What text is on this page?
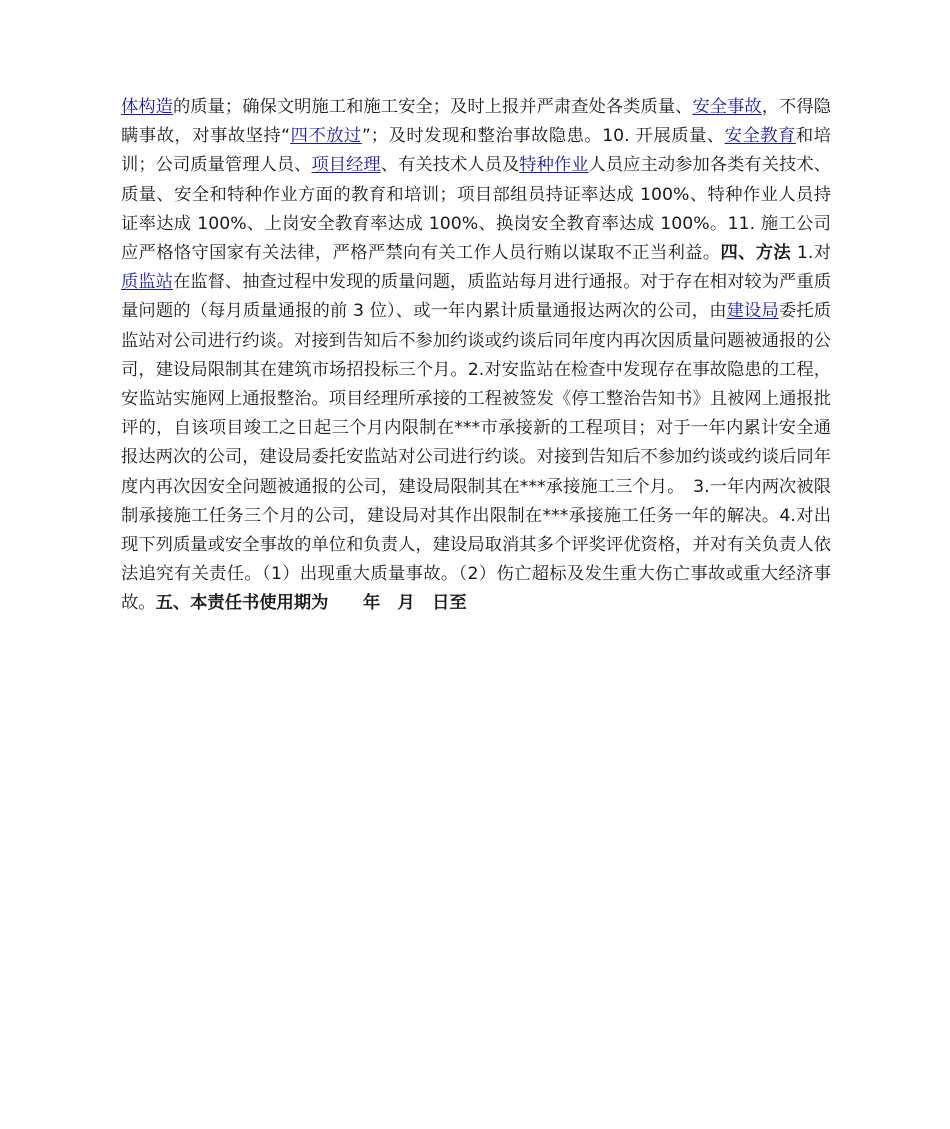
体构造的质量；确保文明施工和施工安全；及时上报并严肃查处各类质量、安全事故，不得隐瞒事故，对事故坚持“四不放过”；及时发现和整治事故隐患。10. 开展质量、安全教育和培训；公司质量管理人员、项目经理、有关技术人员及特种作业人员应主动参加各类有关技术、质量、安全和特种作业方面的教育和培训；项目部组员持证率达成 100%、特种作业人员持证率达成 100%、上岗安全教育率达成 100%、换岗安全教育率达成 100%。11. 施工公司应严格恪守国家有关法律，严格严禁向有关工作人员行贿以谋取不正当利益。四、方法 1.对质监站在监督、抽查过程中发现的质量问题，质监站每月进行通报。对于存在相对较为严重质量问题的（每月质量通报的前 3 位）、或一年内累计质量通报达两次的公司，由建设局委托质监站对公司进行约谈。对接到告知后不参加约谈或约谈后同年度内再次因质量问题被通报的公司，建设局限制其在建筑市场招投标三个月。2.对安监站在检查中发现存在事故隐患的工程，安监站实施网上通报整治。项目经理所承接的工程被签发《停工整治告知书》且被网上通报批评的，自该项目竣工之日起三个月内限制在***市承接新的工程项目；对于一年内累计安全通报达两次的公司，建设局委托安监站对公司进行约谈。对接到告知后不参加约谈或约谈后同年度内再次因安全问题被通报的公司，建设局限制其在***承接施工三个月。　3.一年内两次被限制承接施工任务三个月的公司，建设局对其作出限制在***承接施工任务一年的解决。4.对出现下列质量或安全事故的单位和负责人，建设局取消其多个评奖评优资格，并对有关负责人依法追究有关责任。（1）出现重大质量事故。（2）伤亡超标及发生重大伤亡事故或重大经济事故。五、本责任书使用期为　　年　月　日至
